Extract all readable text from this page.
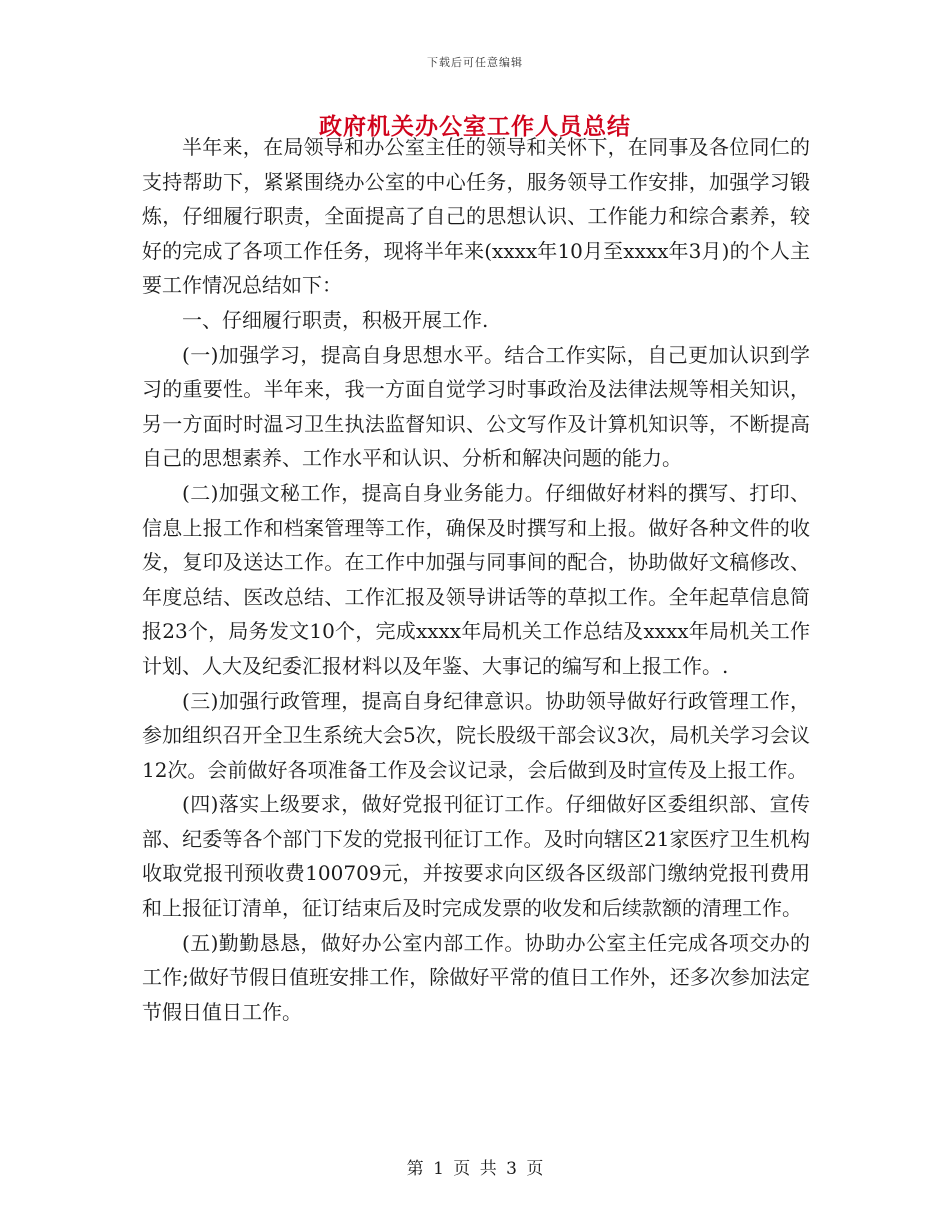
下载后可任意编辑
政府机关办公室工作人员总结

半年来，在局领导和办公室主任的领导和关怀下，在同事及各位同仁的支持帮助下，紧紧围绕办公室的中心任务，服务领导工作安排，加强学习锻炼，仔细履行职责，全面提高了自己的思想认识、工作能力和综合素养，较好的完成了各项工作任务，现将半年来(xxxx年10月至xxxx年3月)的个人主要工作情况总结如下：

一、仔细履行职责，积极开展工作.

(一)加强学习，提高自身思想水平。结合工作实际，自己更加认识到学习的重要性。半年来，我一方面自觉学习时事政治及法律法规等相关知识，另一方面时时温习卫生执法监督知识、公文写作及计算机知识等，不断提高自己的思想素养、工作水平和认识、分析和解决问题的能力。

(二)加强文秘工作，提高自身业务能力。仔细做好材料的撰写、打印、信息上报工作和档案管理等工作，确保及时撰写和上报。做好各种文件的收发，复印及送达工作。在工作中加强与同事间的配合，协助做好文稿修改、年度总结、医改总结、工作汇报及领导讲话等的草拟工作。全年起草信息简报23个，局务发文10个，完成xxxx年局机关工作总结及xxxx年局机关工作计划、人大及纪委汇报材料以及年鉴、大事记的编写和上报工作。.

(三)加强行政管理，提高自身纪律意识。协助领导做好行政管理工作，参加组织召开全卫生系统大会5次，院长股级干部会议3次，局机关学习会议12次。会前做好各项准备工作及会议记录，会后做到及时宣传及上报工作。

(四)落实上级要求，做好党报刊征订工作。仔细做好区委组织部、宣传部、纪委等各个部门下发的党报刊征订工作。及时向辖区21家医疗卫生机构收取党报刊预收费100709元，并按要求向区级各区级部门缴纳党报刊费用和上报征订清单，征订结束后及时完成发票的收发和后续款额的清理工作。

(五)勤勤恳恳，做好办公室内部工作。协助办公室主任完成各项交办的工作;做好节假日值班安排工作，除做好平常的值日工作外，还多次参加法定节假日值日工作。

第 1 页 共 3 页
